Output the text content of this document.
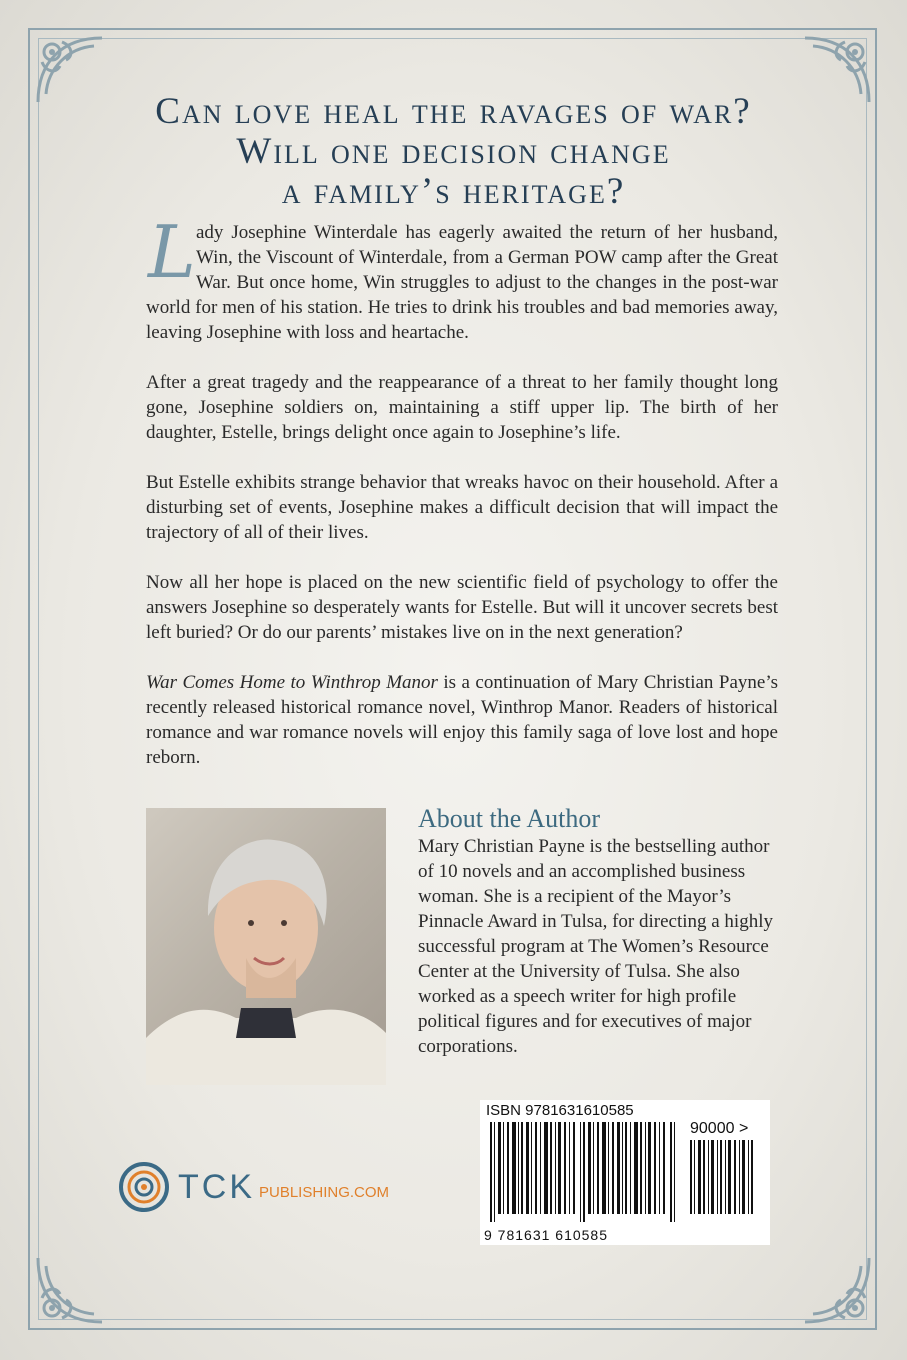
Can love heal the ravages of war?
Will one decision change
a family’s heritage?

L ady Josephine Winterdale has eagerly awaited the return of her husband, Win, the Viscount of Winterdale, from a German POW camp after the Great War. But once home, Win struggles to adjust to the changes in the post-war world for men of his station. He tries to drink his troubles and bad memories away, leaving Josephine with loss and heartache.

After a great tragedy and the reappearance of a threat to her family thought long gone, Josephine soldiers on, maintaining a stiff upper lip. The birth of her daughter, Estelle, brings delight once again to Josephine’s life.

But Estelle exhibits strange behavior that wreaks havoc on their household. After a disturbing set of events, Josephine makes a difficult decision that will impact the trajectory of all of their lives.

Now all her hope is placed on the new scientific field of psychology to offer the answers Josephine so desperately wants for Estelle. But will it uncover secrets best left buried? Or do our parents’ mistakes live on in the next generation?

War Comes Home to Winthrop Manor is a continuation of Mary Christian Payne’s recently released historical romance novel, Winthrop Manor. Readers of historical romance and war romance novels will enjoy this family saga of love lost and hope reborn.

About the Author
Mary Christian Payne is the bestselling author of 10 novels and an accomplished business woman. She is a recipient of the Mayor’s Pinnacle Award in Tulsa, for directing a highly successful program at The Women’s Resource Center at the University of Tulsa. She also worked as a speech writer for high profile political figures and for executives of major corporations.
TCK PUBLISHING.COM
ISBN 9781631610585
90000 >
9 781631 610585
